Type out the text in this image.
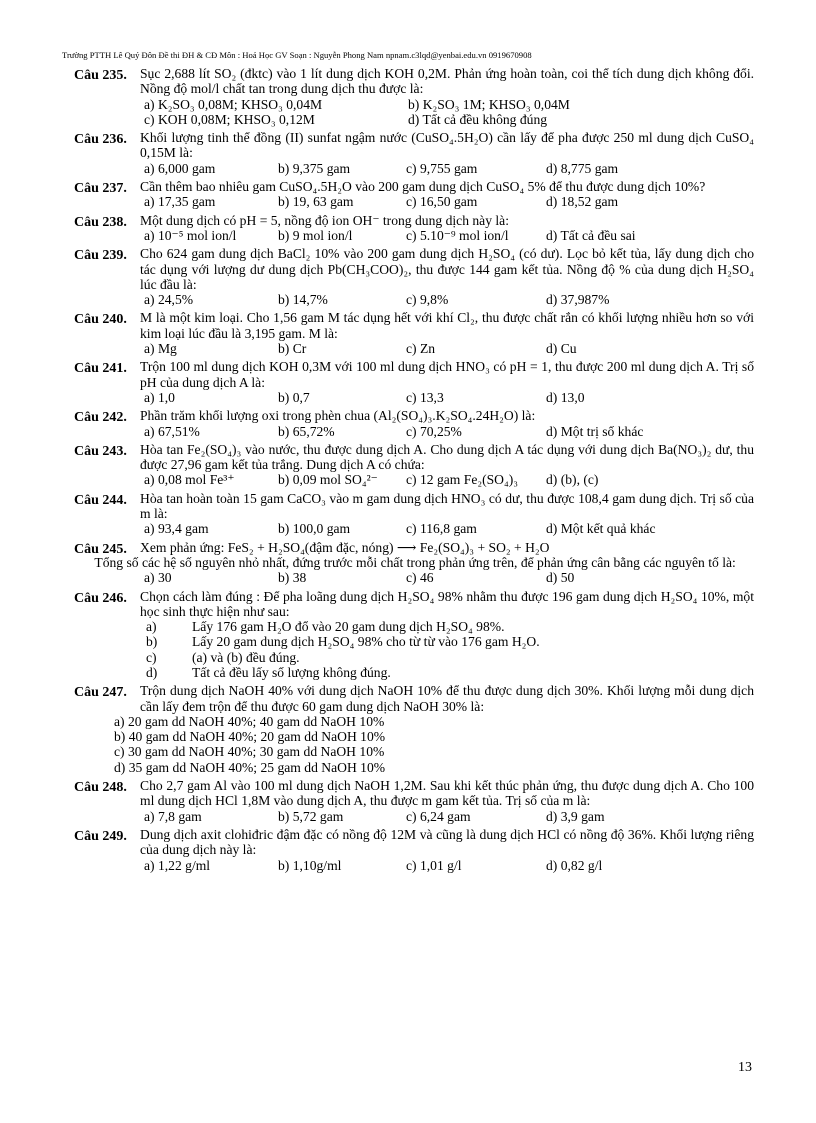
Trường PTTH Lê Quý Đôn Đề thi ĐH & CĐ Môn : Hoá Học GV Soạn : Nguyễn Phong Nam npnam.c3lqd@yenbai.edu.vn 0919670908
Câu 235. Sục 2,688 lít SO₂ (đktc) vào 1 lít dung dịch KOH 0,2M. Phản ứng hoàn toàn, coi thể tích dung dịch không đổi. Nồng độ mol/l chất tan trong dung dịch thu được là:
a) K₂SO₃ 0,08M; KHSO₃ 0,04M	b) K₂SO₃ 1M; KHSO₃ 0,04M
c) KOH 0,08M; KHSO₃ 0,12M	d) Tất cả đều không đúng
Câu 236. Khối lượng tinh thể đồng (II) sunfat ngậm nước (CuSO₄.5H₂O) cần lấy để pha được 250 ml dung dịch CuSO₄ 0,15M là:
a) 6,000 gam	b) 9,375 gam	c) 9,755 gam	d) 8,775 gam
Câu 237. Cần thêm bao nhiêu gam CuSO₄.5H₂O vào 200 gam dung dịch CuSO₄ 5% để thu được dung dịch 10%?
a) 17,35 gam	b) 19, 63 gam	c) 16,50 gam	d) 18,52 gam
Câu 238. Một dung dịch có pH = 5, nồng độ ion OH⁻ trong dung dịch này là:
a) 10⁻⁵ mol ion/l	b) 9 mol ion/l	c) 5.10⁻⁹ mol ion/l	d) Tất cả đều sai
Câu 239. Cho 624 gam dung dịch BaCl₂ 10% vào 200 gam dung dịch H₂SO₄ (có dư). Lọc bỏ kết tủa, lấy dung dịch cho tác dụng với lượng dư dung dịch Pb(CH₃COO)₂, thu được 144 gam kết tủa. Nồng độ % của dung dịch H₂SO₄ lúc đầu là:
a) 24,5%	b) 14,7%	c) 9,8%	d) 37,987%
Câu 240. M là một kim loại. Cho 1,56 gam M tác dụng hết với khí Cl₂, thu được chất rắn có khối lượng nhiều hơn so với kim loại lúc đầu là 3,195 gam. M là:
a) Mg	b) Cr	c) Zn	d) Cu
Câu 241. Trộn 100 ml dung dịch KOH 0,3M với 100 ml dung dịch HNO₃ có pH = 1, thu được 200 ml dung dịch A. Trị số pH của dung dịch A là:
a) 1,0	b) 0,7	c) 13,3	d) 13,0
Câu 242. Phần trăm khối lượng oxi trong phèn chua (Al₂(SO₄)₃.K₂SO₄.24H₂O) là:
a) 67,51%	b) 65,72%	c) 70,25%	d) Một trị số khác
Câu 243. Hòa tan Fe₂(SO₄)₃ vào nước, thu được dung dịch A. Cho dung dịch A tác dụng với dung dịch Ba(NO₃)₂ dư, thu được 27,96 gam kết tủa trắng. Dung dịch A có chứa:
a) 0,08 mol Fe³⁺	b) 0,09 mol SO₄²⁻	c) 12 gam Fe₂(SO₄)₃	d) (b), (c)
Câu 244. Hòa tan hoàn toàn 15 gam CaCO₃ vào m gam dung dịch HNO₃ có dư, thu được 108,4 gam dung dịch. Trị số của m là:
a) 93,4 gam	b) 100,0 gam	c) 116,8 gam	d) Một kết quả khác
Câu 245. Xem phản ứng: FeS₂ + H₂SO₄(đậm đặc, nóng) ⟶ Fe₂(SO₄)₃ + SO₂ + H₂O
Tổng số các hệ số nguyên nhỏ nhất, đứng trước mỗi chất trong phản ứng trên, để phản ứng cân bằng các nguyên tố là:
a) 30	b) 38	c) 46	d) 50
Câu 246. Chọn cách làm đúng : Để pha loãng dung dịch H₂SO₄ 98% nhằm thu được 196 gam dung dịch H₂SO₄ 10%, một học sinh thực hiện như sau:
a)	Lấy 176 gam H₂O đổ vào 20 gam dung dịch H₂SO₄ 98%.
b)	Lấy 20 gam dung dịch H₂SO₄ 98% cho từ từ vào 176 gam H₂O.
c)	(a) và (b) đều đúng.
d)	Tất cả đều lấy số lượng không đúng.
Câu 247. Trộn dung dịch NaOH 40% với dung dịch NaOH 10% để thu được dung dịch 30%. Khối lượng mỗi dung dịch cần lấy đem trộn để thu được 60 gam dung dịch NaOH 30% là:
a) 20 gam dd NaOH 40%; 40 gam dd NaOH 10%
b) 40 gam dd NaOH 40%; 20 gam dd NaOH 10%
c) 30 gam dd NaOH 40%; 30 gam dd NaOH 10%
d) 35 gam dd NaOH 40%; 25 gam dd NaOH 10%
Câu 248. Cho 2,7 gam Al vào 100 ml dung dịch NaOH 1,2M. Sau khi kết thúc phản ứng, thu được dung dịch A. Cho 100 ml dung dịch HCl 1,8M vào dung dịch A, thu được m gam kết tủa. Trị số của m là:
a) 7,8 gam	b) 5,72 gam	c) 6,24 gam	d) 3,9 gam
Câu 249. Dung dịch axit clohiđric đậm đặc có nồng độ 12M và cũng là dung dịch HCl có nồng độ 36%. Khối lượng riêng của dung dịch này là:
a) 1,22 g/ml	b) 1,10g/ml	c) 1,01 g/l	d) 0,82 g/l
13
